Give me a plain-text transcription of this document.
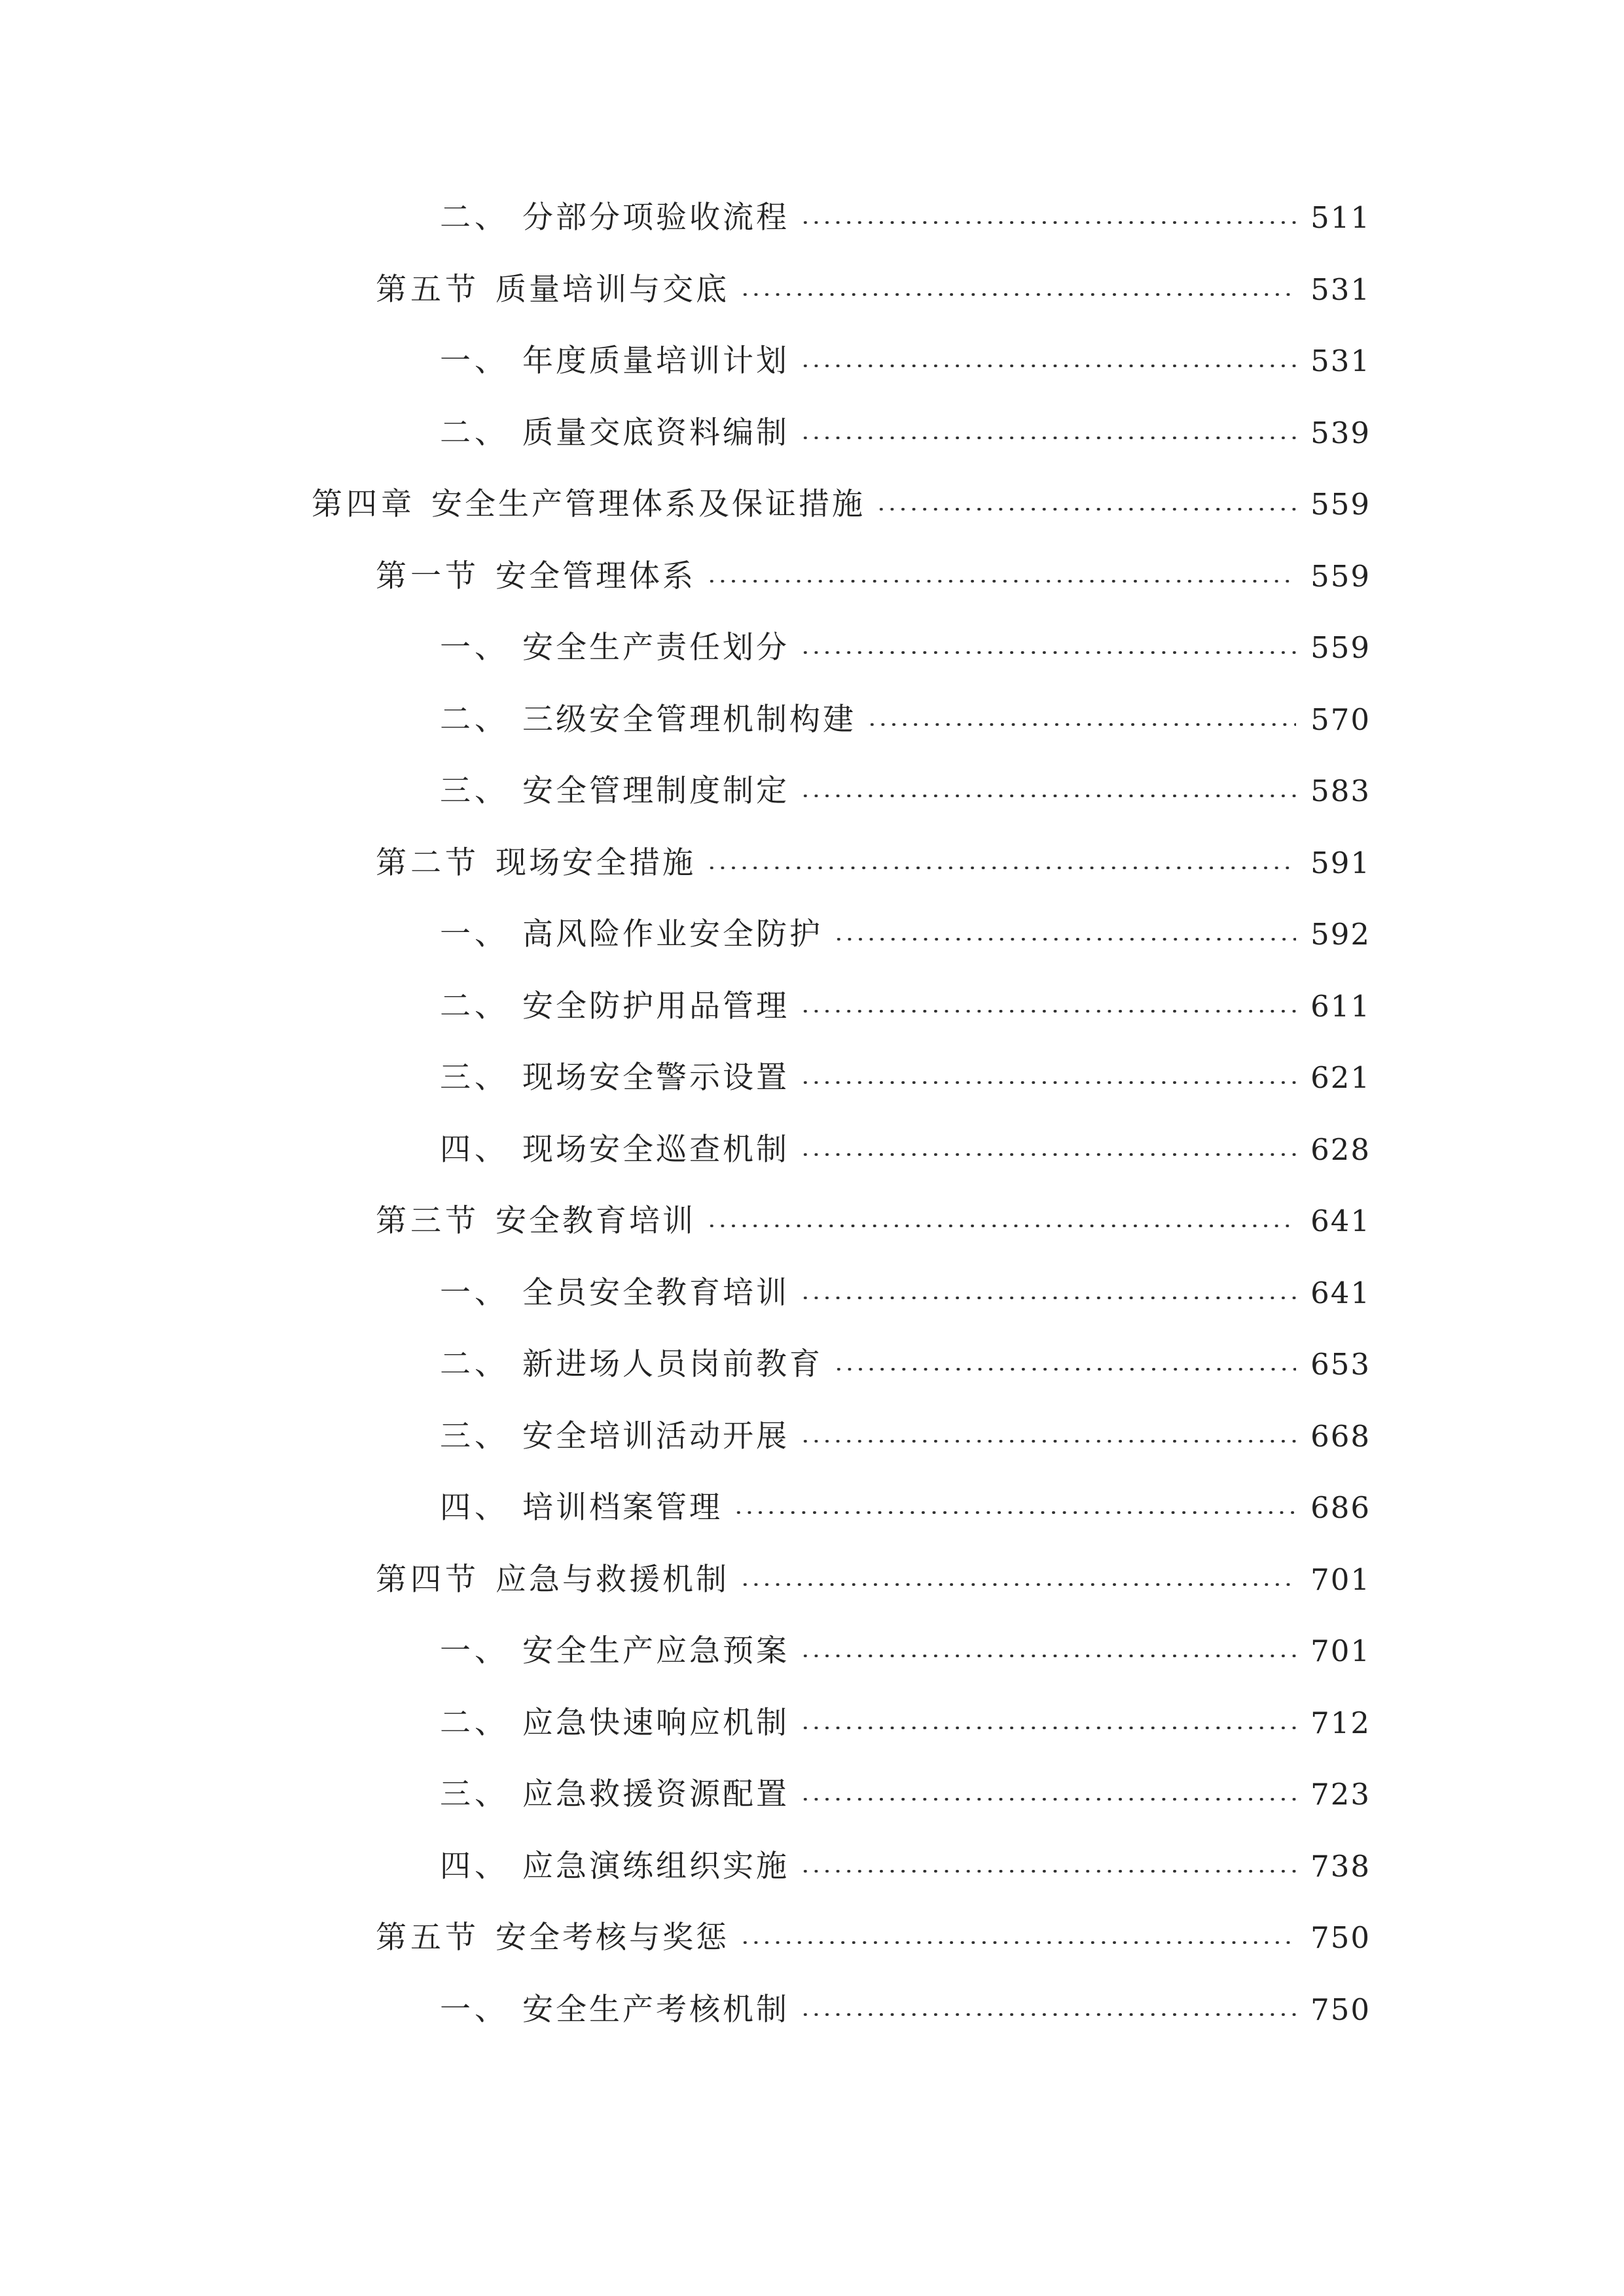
二、 分部分项验收流程	511
第五节 质量培训与交底	531
一、 年度质量培训计划	531
二、 质量交底资料编制	539
第四章 安全生产管理体系及保证措施	559
第一节 安全管理体系	559
一、 安全生产责任划分	559
二、 三级安全管理机制构建	570
三、 安全管理制度制定	583
第二节 现场安全措施	591
一、 高风险作业安全防护	592
二、 安全防护用品管理	611
三、 现场安全警示设置	621
四、 现场安全巡查机制	628
第三节 安全教育培训	641
一、 全员安全教育培训	641
二、 新进场人员岗前教育	653
三、 安全培训活动开展	668
四、 培训档案管理	686
第四节 应急与救援机制	701
一、 安全生产应急预案	701
二、 应急快速响应机制	712
三、 应急救援资源配置	723
四、 应急演练组织实施	738
第五节 安全考核与奖惩	750
一、 安全生产考核机制	750
